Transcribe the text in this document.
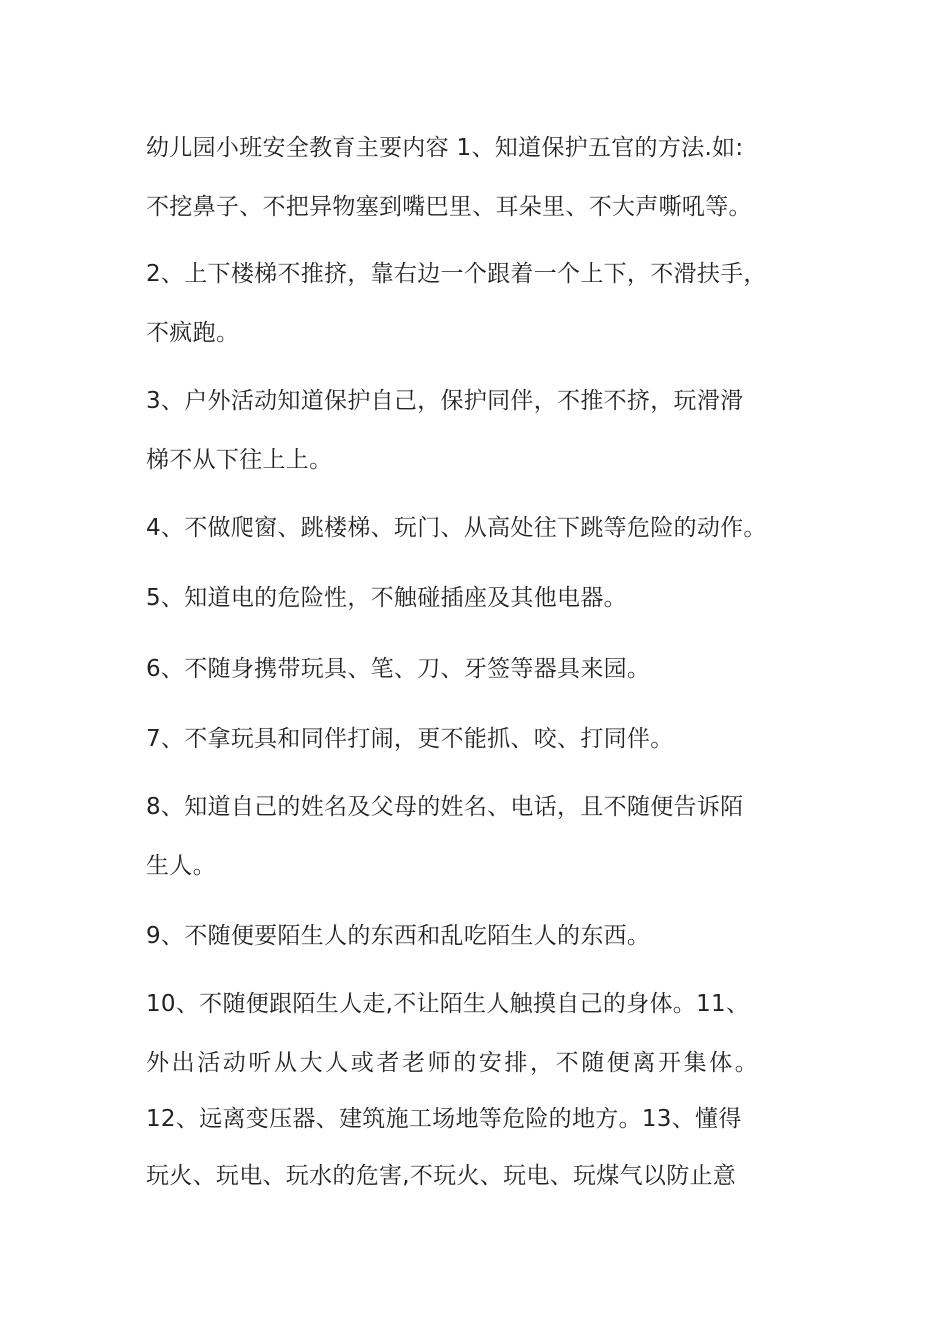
幼儿园小班安全教育主要内容 1、知道保护五官的方法.如:
不挖鼻子、不把异物塞到嘴巴里、耳朵里、不大声嘶吼等。
2、上下楼梯不推挤，靠右边一个跟着一个上下，不滑扶手，
不疯跑。
3、户外活动知道保护自己，保护同伴，不推不挤，玩滑滑
梯不从下往上上。
4、不做爬窗、跳楼梯、玩门、从高处往下跳等危险的动作。
5、知道电的危险性，不触碰插座及其他电器。
6、不随身携带玩具、笔、刀、牙签等器具来园。
7、不拿玩具和同伴打闹，更不能抓、咬、打同伴。
8、知道自己的姓名及父母的姓名、电话，且不随便告诉陌
生人。
9、不随便要陌生人的东西和乱吃陌生人的东西。
10、不随便跟陌生人走,不让陌生人触摸自己的身体。11、
外出活动听从大人或者老师的安排，不随便离开集体。
12、远离变压器、建筑施工场地等危险的地方。13、懂得
玩火、玩电、玩水的危害,不玩火、玩电、玩煤气以防止意
